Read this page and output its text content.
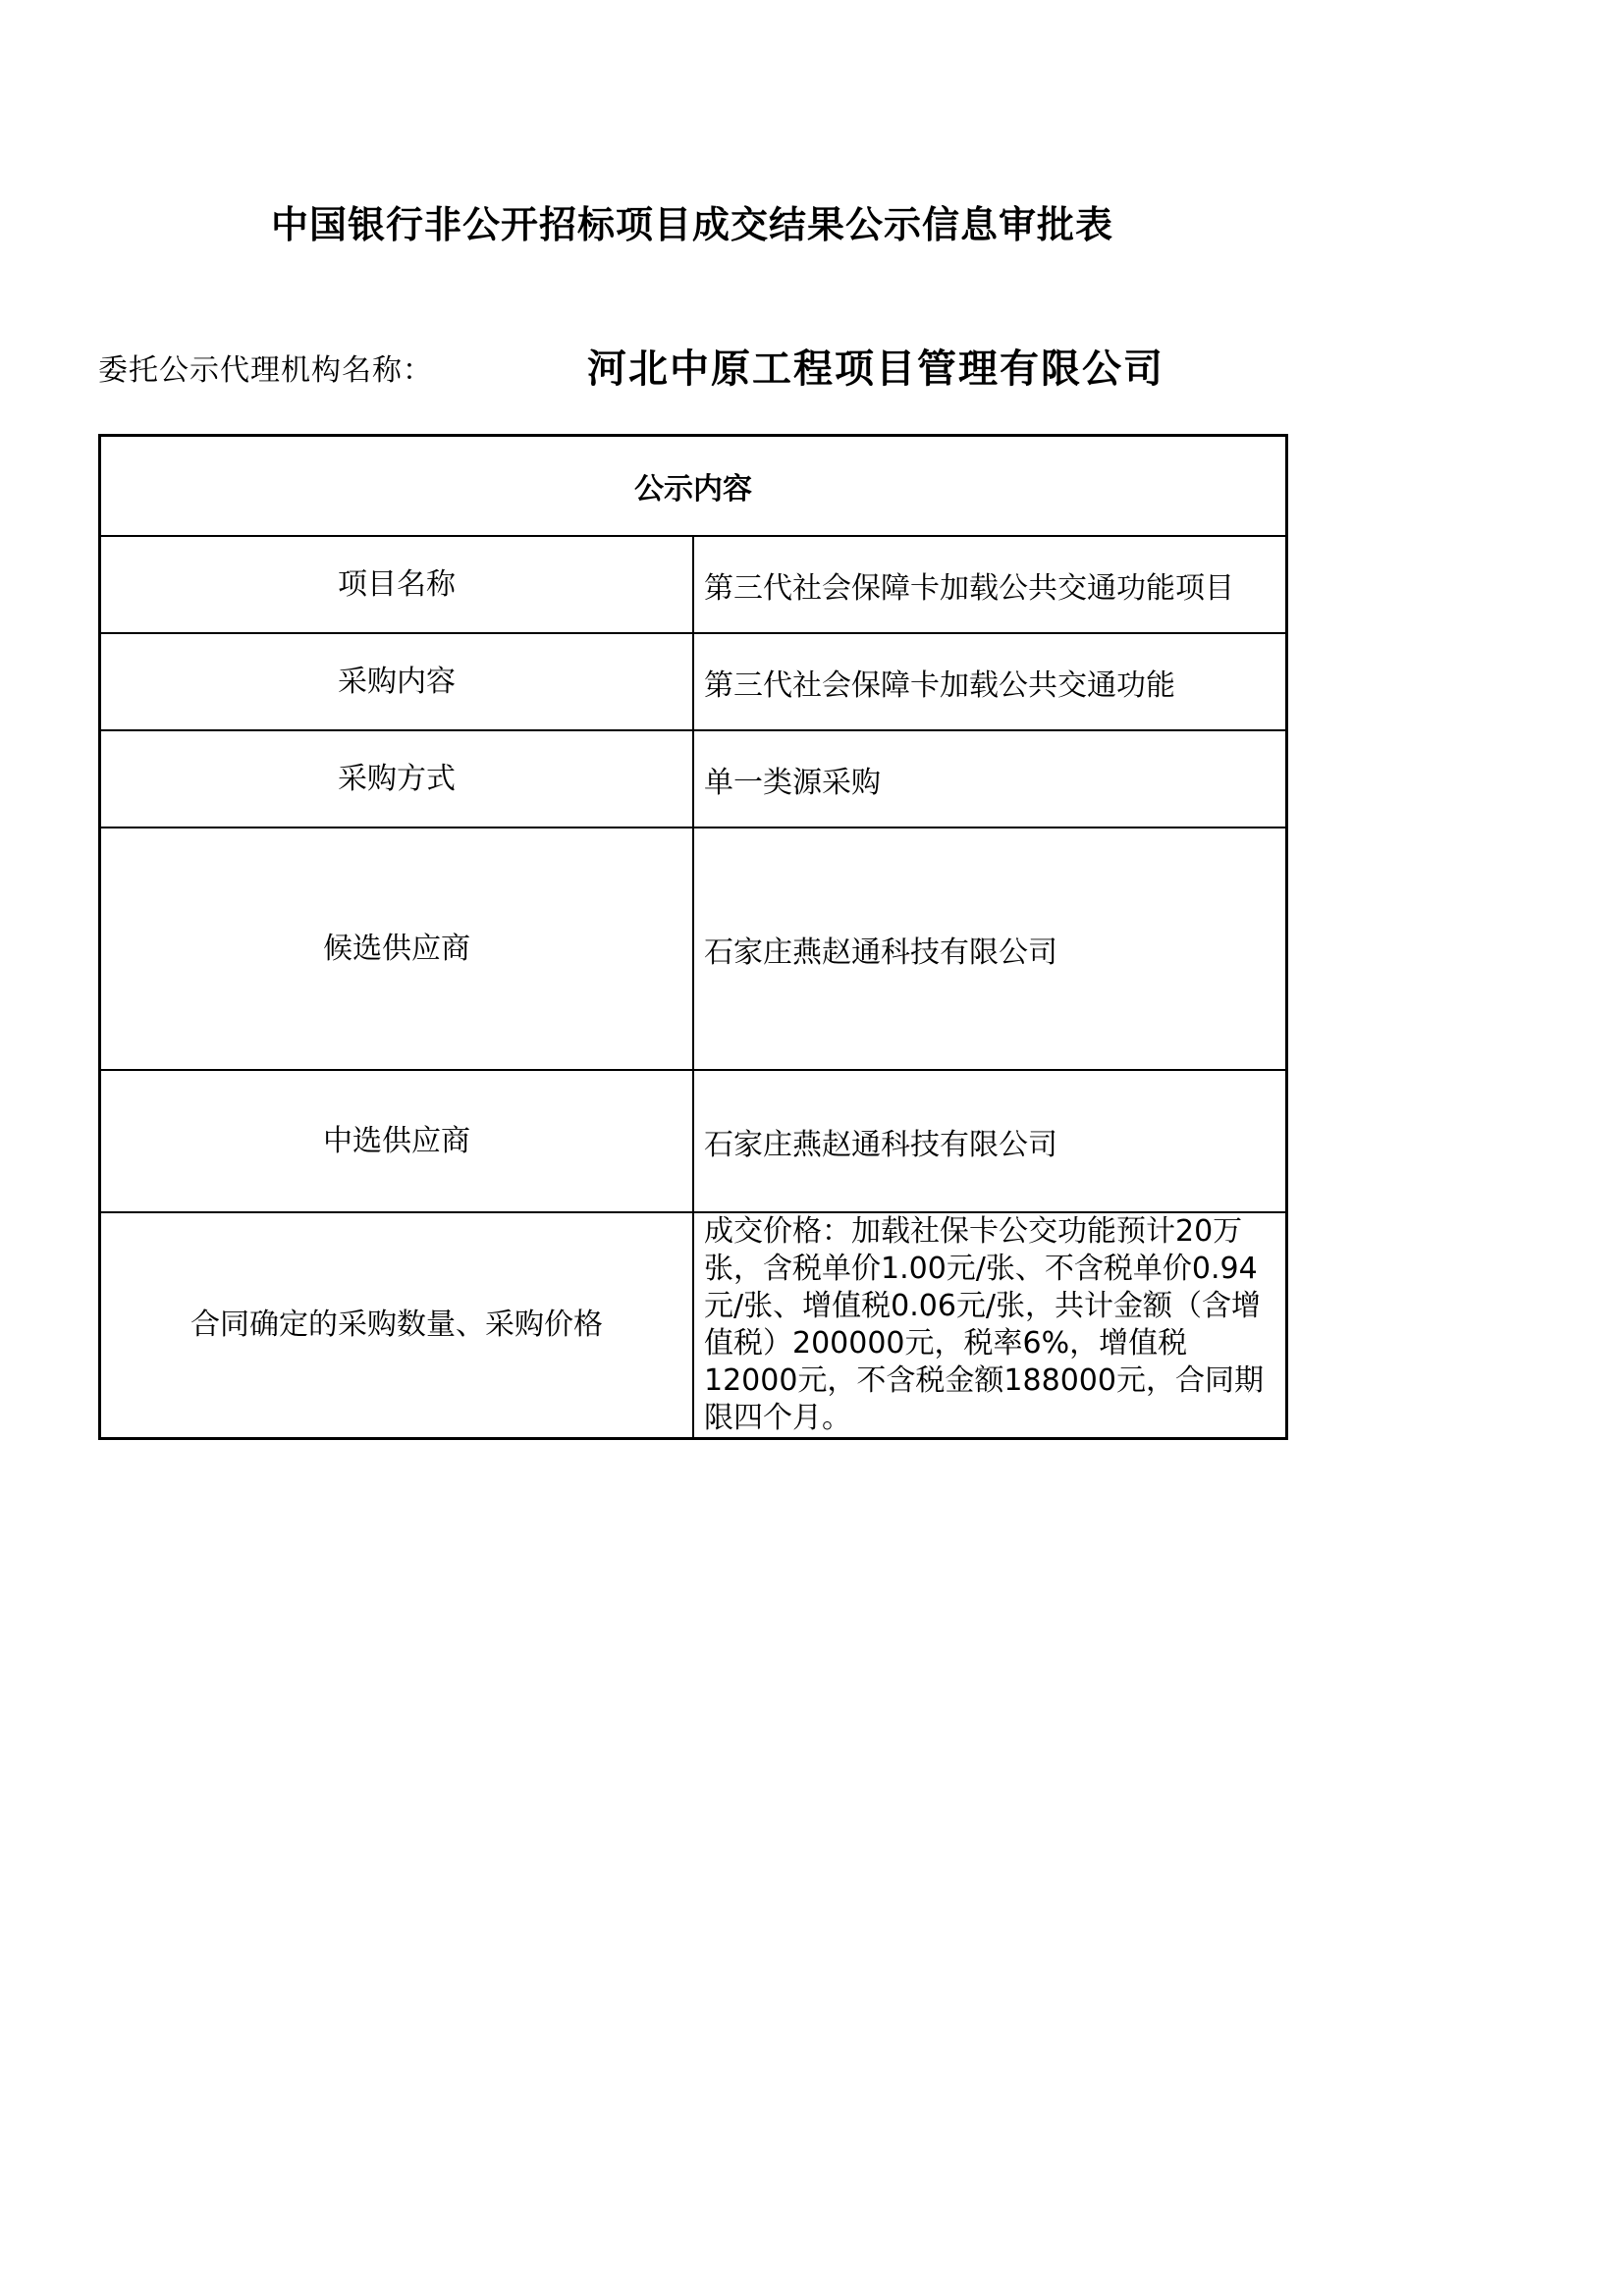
中国银行非公开招标项目成交结果公示信息审批表
委托公示代理机构名称：	河北中原工程项目管理有限公司
公示内容	
项目名称	第三代社会保障卡加载公共交通功能项目
采购内容	第三代社会保障卡加载公共交通功能
采购方式	单一类源采购
候选供应商	石家庄燕赵通科技有限公司
中选供应商	石家庄燕赵通科技有限公司
合同确定的采购数量、采购价格	成交价格：加载社保卡公交功能预计20万张，含税单价1.00元/张、不含税单价0.94元/张、增值税0.06元/张，共计金额（含增值税）200000元，税率6%，增值税12000元，不含税金额188000元，合同期限四个月。
